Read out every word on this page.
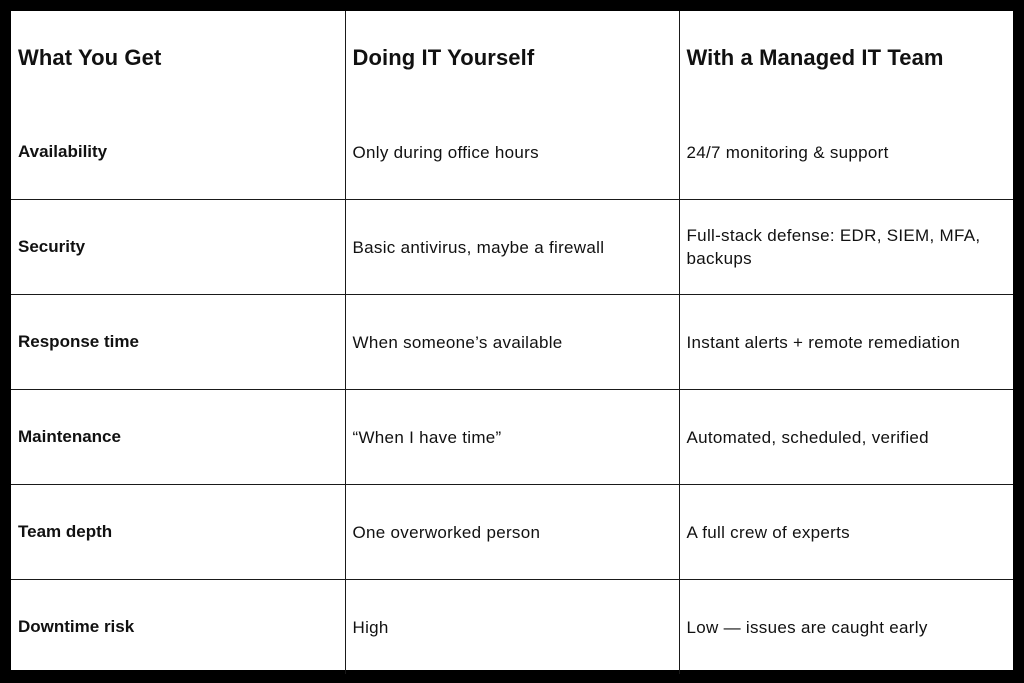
What You Get	Doing IT Yourself	With a Managed IT Team
Availability	Only during office hours	24/7 monitoring & support
Security	Basic antivirus, maybe a firewall	Full-stack defense: EDR, SIEM, MFA, backups
Response time	When someone’s available	Instant alerts + remote remediation
Maintenance	“When I have time”	Automated, scheduled, verified
Team depth	One overworked person	A full crew of experts
Downtime risk	High	Low — issues are caught early
